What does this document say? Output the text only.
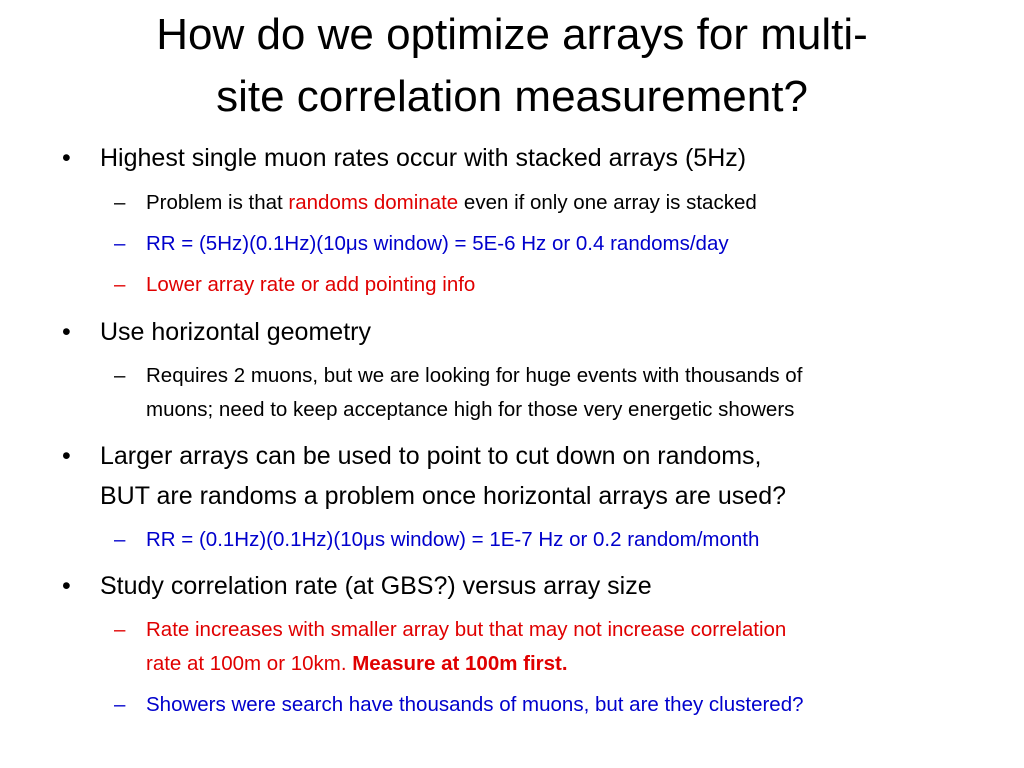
How do we optimize arrays for multi-
site correlation measurement?
• Highest single muon rates occur with stacked arrays (5Hz)
– Problem is that randoms dominate even if only one array is stacked
– RR = (5Hz)(0.1Hz)(10μs window) = 5E-6 Hz or 0.4 randoms/day
– Lower array rate or add pointing info
• Use horizontal geometry
– Requires 2 muons, but we are looking for huge events with thousands of
muons; need to keep acceptance high for those very energetic showers
• Larger arrays can be used to point to cut down on randoms,
BUT are randoms a problem once horizontal arrays are used?
– RR = (0.1Hz)(0.1Hz)(10μs window) = 1E-7 Hz or 0.2 random/month
• Study correlation rate (at GBS?) versus array size
– Rate increases with smaller array but that may not increase correlation
rate at 100m or 10km. Measure at 100m first.
– Showers were search have thousands of muons, but are they clustered?
